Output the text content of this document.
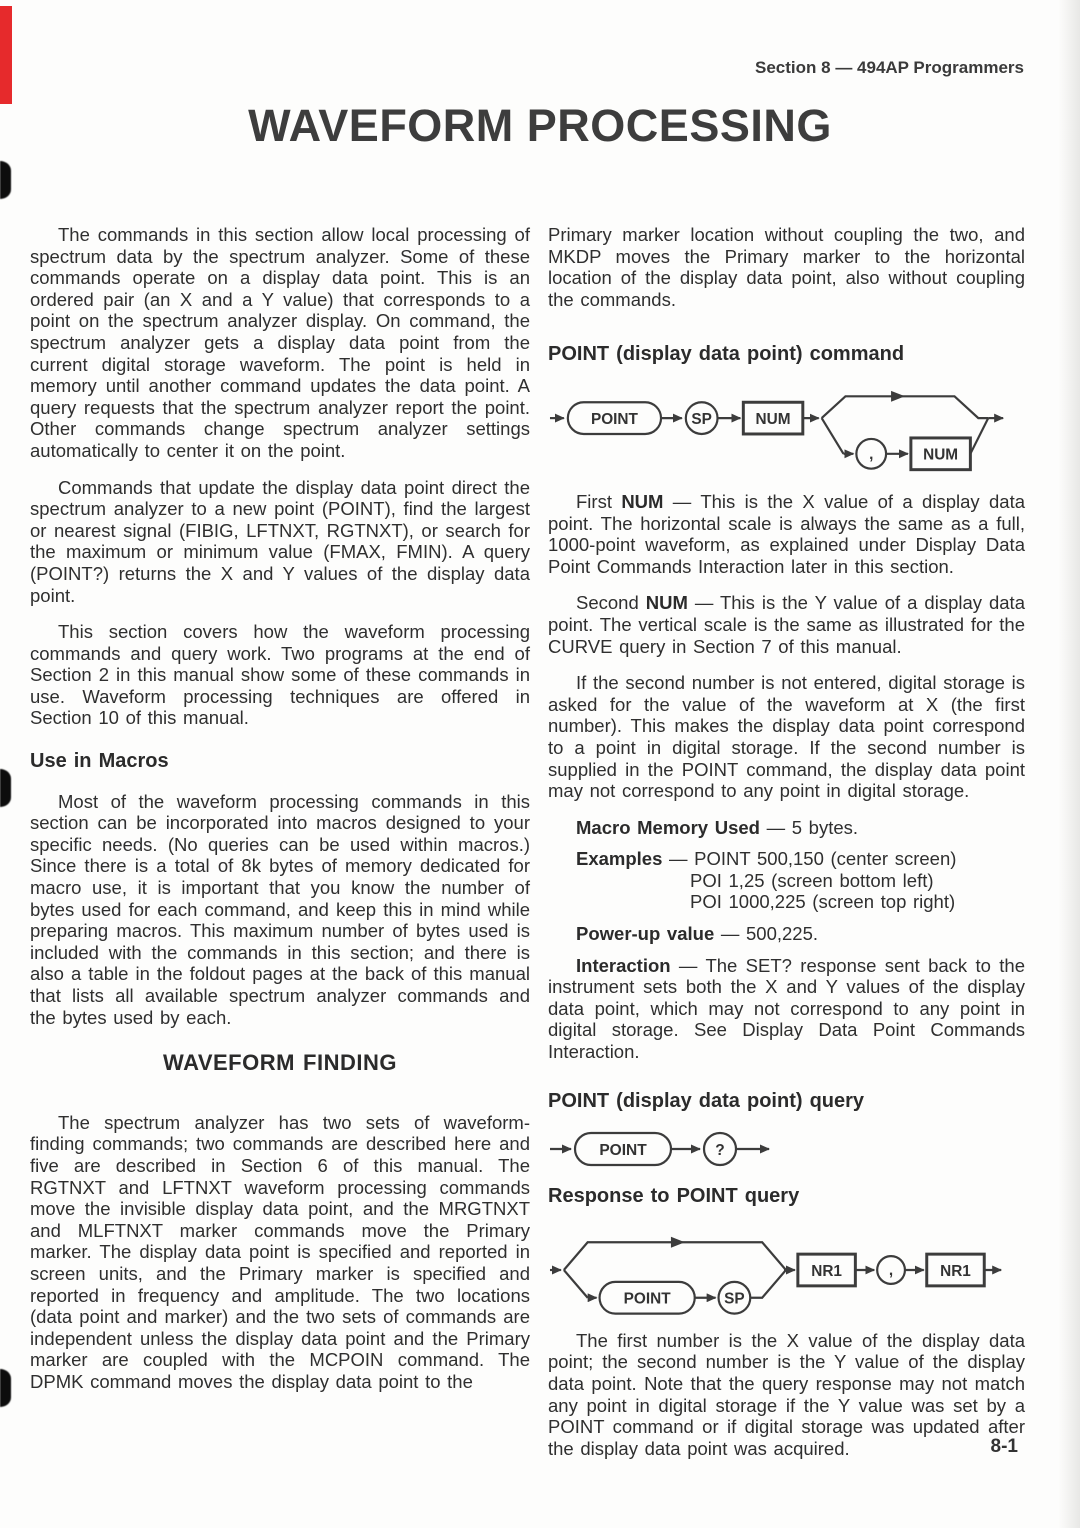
Section 8 — 494AP Programmers
WAVEFORM PROCESSING

The commands in this section allow local processing of spectrum data by the spectrum analyzer. Some of these commands operate on a display data point. This is an ordered pair (an X and a Y value) that corresponds to a point on the spectrum analyzer display. On command, the spectrum analyzer gets a display data point from the current digital storage waveform. The point is held in memory until another command updates the data point. A query requests that the spectrum analyzer report the point. Other commands change spectrum analyzer settings automatically to center it on the point.

Commands that update the display data point direct the spectrum analyzer to a new point (POINT), find the largest or nearest signal (FIBIG, LFTNXT, RGTNXT), or search for the maximum or minimum value (FMAX, FMIN). A query (POINT?) returns the X and Y values of the display data point.

This section covers how the waveform processing commands and query work. Two programs at the end of Section 2 in this manual show some of these commands in use. Waveform processing techniques are offered in Section 10 of this manual.

Use in Macros

Most of the waveform processing commands in this section can be incorporated into macros designed to your specific needs. (No queries can be used within macros.) Since there is a total of 8k bytes of memory dedicated for macro use, it is important that you know the number of bytes used for each command, and keep this in mind while preparing macros. This maximum number of bytes used is included with the commands in this section; and there is also a table in the foldout pages at the back of this manual that lists all available spectrum analyzer commands and the bytes used by each.

WAVEFORM FINDING

The spectrum analyzer has two sets of waveform-finding commands; two commands are described here and five are described in Section 6 of this manual. The RGTNXT and LFTNXT waveform processing commands move the invisible display data point, and the MRGTNXT and MLFTNXT marker commands move the Primary marker. The display data point is specified and reported in screen units, and the Primary marker is specified and reported in frequency and amplitude. The two locations (data point and marker) and the two sets of commands are independent unless the display data point and the Primary marker are coupled with the MCPOIN command. The DPMK command moves the display data point to the

Primary marker location without coupling the two, and MKDP moves the Primary marker to the horizontal location of the display data point, also without coupling the commands.

POINT (display data point) command
POINT	SP	NUM
,	NUM

First NUM — This is the X value of a display data point. The horizontal scale is always the same as a full, 1000-point waveform, as explained under Display Data Point Commands Interaction later in this section.

Second NUM — This is the Y value of a display data point. The vertical scale is the same as illustrated for the CURVE query in Section 7 of this manual.

If the second number is not entered, digital storage is asked for the value of the waveform at X (the first number). This makes the display data point correspond to a point in digital storage. If the second number is supplied in the POINT command, the display data point may not correspond to any point in digital storage.

Macro Memory Used — 5 bytes.
Examples — POINT 500,150 (center screen)
POI 1,25 (screen bottom left)
POI 1000,225 (screen top right)
Power-up value — 500,225.

Interaction — The SET? response sent back to the instrument sets both the X and Y values of the display data point, which may not correspond to any point in digital storage. See Display Data Point Commands Interaction.

POINT (display data point) query
POINT	?
Response to POINT query
POINT	SP
NR1	,	NR1

The first number is the X value of the display data point; the second number is the Y value of the display data point. Note that the query response may not match any point in digital storage if the Y value was set by a POINT command or if digital storage was updated after the display data point was acquired.	8-1
